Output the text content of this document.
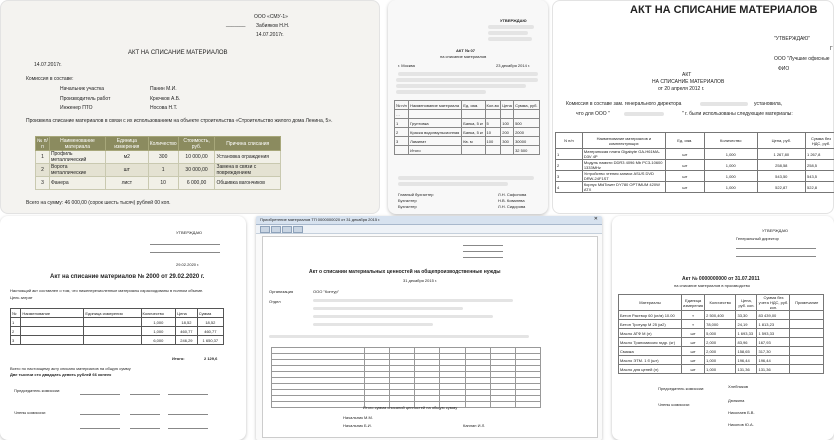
ООО «СМУ-1»
_______ Забияков Н.Н.
14.07.2017г.
АКТ НА СПИСАНИЕ МАТЕРИАЛОВ
14.07.2017г.
Комиссия в составе:
Начальник участка	Панин М.И.
Производитель работ	Крючков А.Б.
Инженер ПТО	Носова Н.Т.
Произвела списание материалов в связи с их использованием на объекте строительства «Строительство жилого дома Ленина, 5».
№ п/п	Наименование материала	Единица измерения	Количество	Стоимость, руб.	Причина списания
1	Профиль металлический	м2	300	10 000,00	Установка ограждения
2	Ворота металлические	шт	1	30 000,00	Замена в связи с повреждением
3	Фанера	лист	10	6 000,00	Обшивка вагончиков
Всего на сумму: 46 000,00 (сорок шесть тысяч) рублей 00 коп.
УТВЕРЖДАЮ
АКТ № 07
на списание материалов
г. Москва	23 декабря 2014 г.
№ п/п	Наименование материала	Ед. изм.	Кол-во	Цена	Сумма, руб.
…					
1	Грунтовка	Банка, 5 кг	5	100	500
2	Краска водоэмульсионная	Банка, 5 кг	10	200	2000
3	Ламинат	Кв. м	100	300	30000
	Итого				32 500
Главный бухгалтер	Л.Н. Сафонова
Бухгалтер	Н.В. Ковалева
Бухгалтер	Л.Н. Сидорова
АКТ НА СПИСАНИЕ МАТЕРИАЛОВ
"УТВЕРЖДАЮ"
Г
ООО "Лучшие офисные
ФИО
АКТ
НА СПИСАНИЕ МАТЕРИАЛОВ
от 20 апреля 2012 г.
Комиссия в составе зам. генерального директора	установила,
что для ООО "	" г. были использованы следующие материалы:
N п/п	Наименование материалов и комплектующих	Ед. изм.	Количество	Цена, руб.	Сумма без НДС, руб.
1	Материнская плата Gigabyte GA-H61MA-D3V 4P	шт	1,000	1 267,80	1 267,8
2	Модуль памяти DDR3 4096 Mb PC3-10600 1333MHz	шт	1,000	258,58	258,5
3	Устройство чтения записи ASUS DVD DRW-24F1ST	шт	1,000	543,50	543,5
4	Корпус MidTower DY780 OPTIMUM 420W ATX	шт	1,000	522,87	522,8
УТВЕРЖДАЮ
29.02.2020 г.
Акт на списание материалов № 2000 от 29.02.2020 г.
Настоящий акт составлен о том, что нижеперечисленные материалы израсходованы в полном объеме.
Цель затрат
№	Наименование	Единица измерения	Количество	Цена	Сумма
1			1,000	18,52	18,52
2			1,000	460,77	460,77
3			6,000	246,29	1 650,37
Итого:	2 129,6
Всего по настоящему акту списано материалов на общую сумму
Две тысячи сто двадцать девять рублей 66 копеек
Председатель комиссии:
Члены комиссии:
Приобретение материалов ТП 0000000020 от 31 декабря 2015 г.	✕
Акт о списании материальных ценностей на общепроизводственные нужды
31 декабря 2015 г.
Организация	ООО "Контур"
Отдел

Итого сумма списаний ценностей на общую сумму
Начальник М.М.
Начальник Б.И.	Каплан И.Л.
УТВЕРЖДАЮ
Генеральный директор
Акт № 0000000000 от 31.07.2011
на списание материалов в производство
Материалы	Единица измерения	Количество	Цена, руб. коп.	Сумма без учета НДС, руб. коп.	Примечание
Бетон Раствор 60 (кг/м) 10.00	т	2 500,400	33,30	83 439,00	
Бетон Тротуар М 25 (м2)	т	78,000	24,19	1 813,23	
Масло АТФ M (л)	шт	5,000	1 693,33	1 593,33	
Масло Трансмиссия гидр. (кг)	шт	2,000	83,96	167,93	
Смазка	шт	2,000	158,65	317,30	
Масло ЭТМ. 1 б (шт)	шт	1,000	196,44	196,44	
Масло для цепей (л)	шт	1,000	131,36	131,36	
Председатель комиссии:	Хлебников
Члены комиссии:
Дюнкина
Николаев Б.В.
Никонов Ю.А.
